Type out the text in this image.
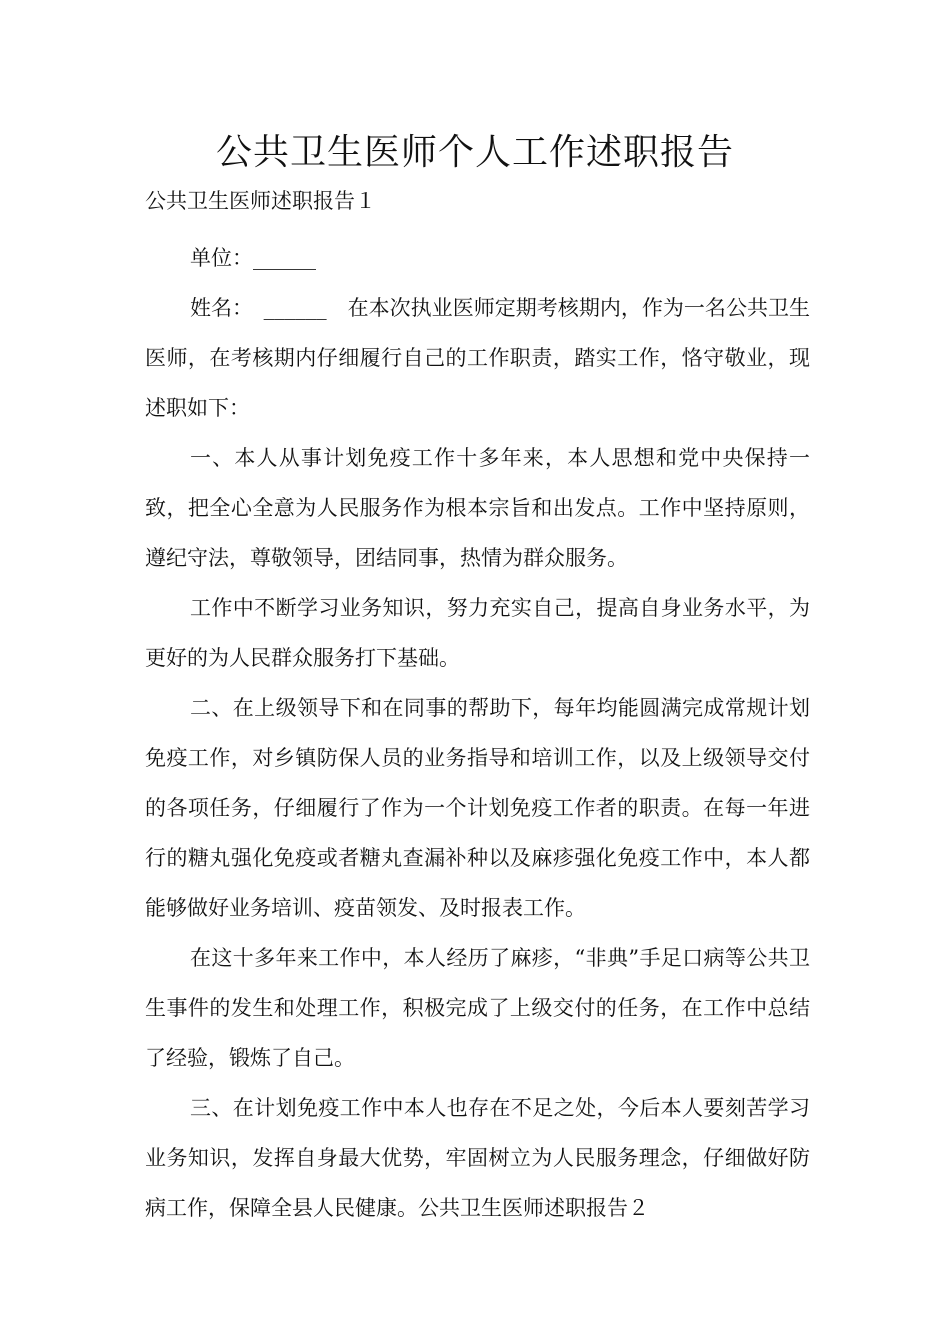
公共卫生医师个人工作述职报告
公共卫生医师述职报告１

单位：______

姓名：　______　在本次执业医师定期考核期内，作为一名公共卫生医师，在考核期内仔细履行自己的工作职责，踏实工作，恪守敬业，现述职如下：

一、本人从事计划免疫工作十多年来，本人思想和党中央保持一致，把全心全意为人民服务作为根本宗旨和出发点。工作中坚持原则，遵纪守法，尊敬领导，团结同事，热情为群众服务。

工作中不断学习业务知识，努力充实自己，提高自身业务水平，为更好的为人民群众服务打下基础。

二、在上级领导下和在同事的帮助下，每年均能圆满完成常规计划免疫工作，对乡镇防保人员的业务指导和培训工作，以及上级领导交付的各项任务，仔细履行了作为一个计划免疫工作者的职责。在每一年进行的糖丸强化免疫或者糖丸查漏补种以及麻疹强化免疫工作中，本人都能够做好业务培训、疫苗领发、及时报表工作。

在这十多年来工作中，本人经历了麻疹，“非典”手足口病等公共卫生事件的发生和处理工作，积极完成了上级交付的任务，在工作中总结了经验，锻炼了自己。

三、在计划免疫工作中本人也存在不足之处，今后本人要刻苦学习业务知识，发挥自身最大优势，牢固树立为人民服务理念，仔细做好防病工作，保障全县人民健康。公共卫生医师述职报告２
